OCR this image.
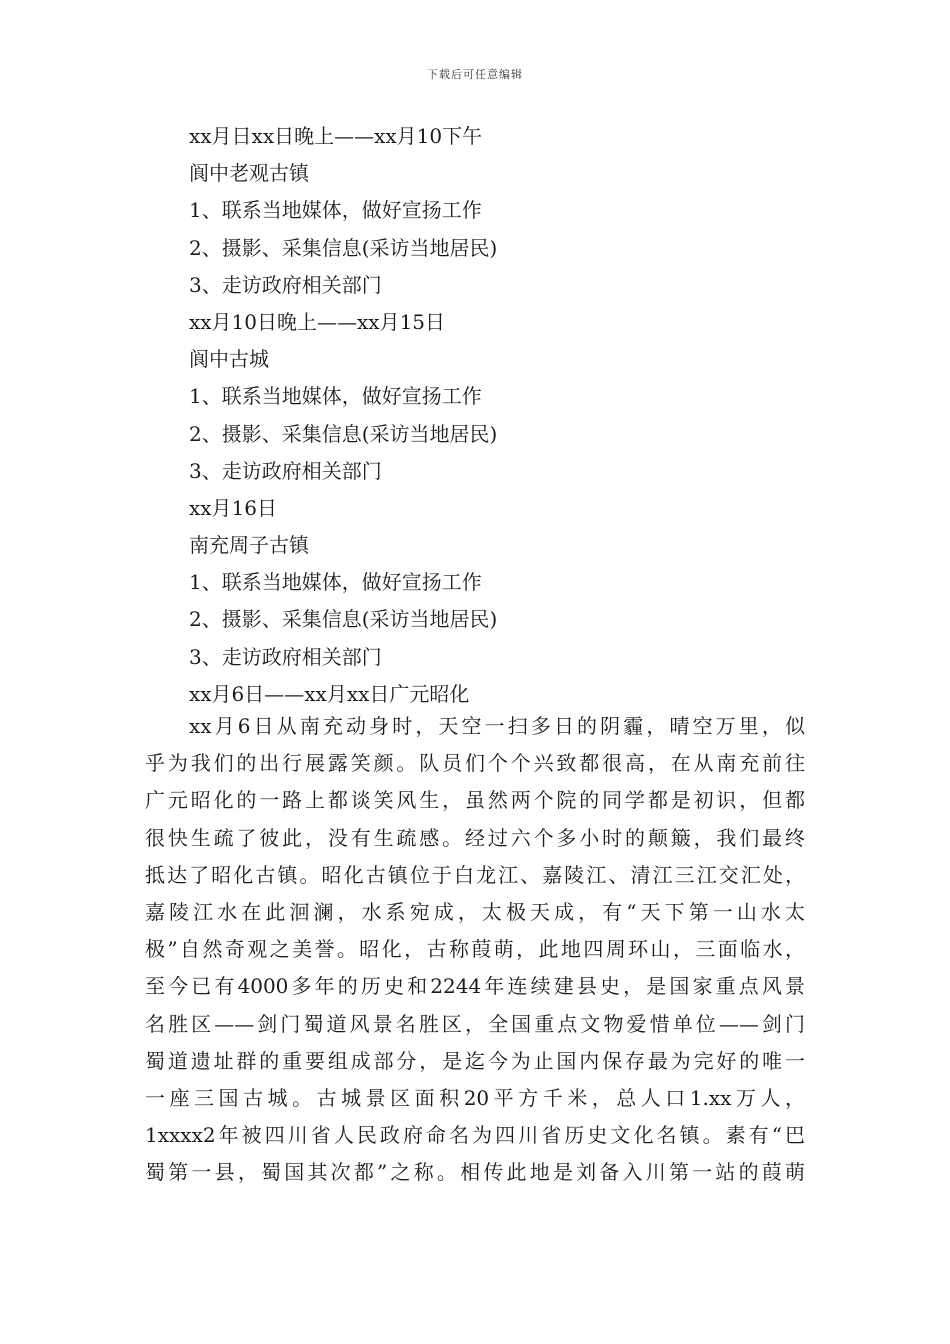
下载后可任意编辑
xx月日xx日晚上——xx月10下午
阆中老观古镇
1、联系当地媒体，做好宣扬工作
2、摄影、采集信息(采访当地居民)
3、走访政府相关部门
xx月10日晚上——xx月15日
阆中古城
1、联系当地媒体，做好宣扬工作
2、摄影、采集信息(采访当地居民)
3、走访政府相关部门
xx月16日
南充周子古镇
1、联系当地媒体，做好宣扬工作
2、摄影、采集信息(采访当地居民)
3、走访政府相关部门
xx月6日——xx月xx日广元昭化
xx月6日从南充动身时，天空一扫多日的阴霾，晴空万里，似
乎为我们的出行展露笑颜。队员们个个兴致都很高，在从南充前往
广元昭化的一路上都谈笑风生，虽然两个院的同学都是初识，但都
很快生疏了彼此，没有生疏感。经过六个多小时的颠簸，我们最终
抵达了昭化古镇。昭化古镇位于白龙江、嘉陵江、清江三江交汇处，
嘉陵江水在此洄澜，水系宛成，太极天成，有“天下第一山水太
极”自然奇观之美誉。昭化，古称葭萌，此地四周环山，三面临水，
至今已有4000多年的历史和2244年连续建县史，是国家重点风景
名胜区——剑门蜀道风景名胜区，全国重点文物爱惜单位——剑门
蜀道遗址群的重要组成部分，是迄今为止国内保存最为完好的唯一
一座三国古城。古城景区面积20平方千米，总人口1.xx万人，
1xxxx2年被四川省人民政府命名为四川省历史文化名镇。素有“巴
蜀第一县，蜀国其次都”之称。相传此地是刘备入川第一站的葭萌
